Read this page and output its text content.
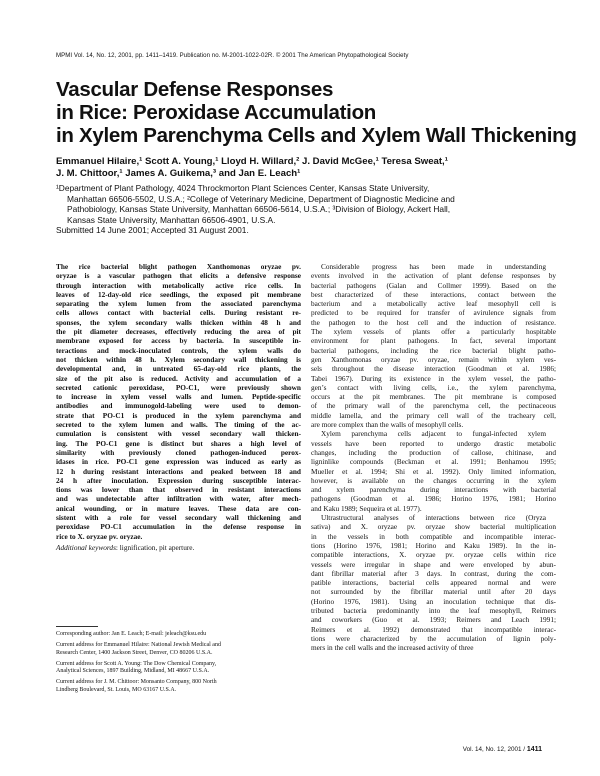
MPMI Vol. 14, No. 12, 2001, pp. 1411–1419. Publication no. M-2001-1022-02R. © 2001 The American Phytopathological Society
Vascular Defense Responses
in Rice: Peroxidase Accumulation
in Xylem Parenchyma Cells and Xylem Wall Thickening
Emmanuel Hilaire,¹ Scott A. Young,¹ Lloyd H. Willard,² J. David McGee,¹ Teresa Sweat,¹
J. M. Chittoor,¹ James A. Guikema,³ and Jan E. Leach¹
¹Department of Plant Pathology, 4024 Throckmorton Plant Sciences Center, Kansas State University,
Manhattan 66506-5502, U.S.A.; ²College of Veterinary Medicine, Department of Diagnostic Medicine and
Pathobiology, Kansas State University, Manhattan 66506-5614, U.S.A.; ³Division of Biology, Ackert Hall,
Kansas State University, Manhattan 66506-4901, U.S.A.
Submitted 14 June 2001; Accepted 31 August 2001.
The rice bacterial blight pathogen Xanthomonas oryzae pv.
oryzae is a vascular pathogen that elicits a defensive response
through interaction with metabolically active rice cells. In
leaves of 12-day-old rice seedlings, the exposed pit membrane
separating the xylem lumen from the associated parenchyma
cells allows contact with bacterial cells. During resistant re-
sponses, the xylem secondary walls thicken within 48 h and
the pit diameter decreases, effectively reducing the area of pit
membrane exposed for access by bacteria. In susceptible in-
teractions and mock-inoculated controls, the xylem walls do
not thicken within 48 h. Xylem secondary wall thickening is
developmental and, in untreated 65-day-old rice plants, the
size of the pit also is reduced. Activity and accumulation of a
secreted cationic peroxidase, PO-C1, were previously shown
to increase in xylem vessel walls and lumen. Peptide-specific
antibodies and immunogold-labeling were used to demon-
strate that PO-C1 is produced in the xylem parenchyma and
secreted to the xylem lumen and walls. The timing of the ac-
cumulation is consistent with vessel secondary wall thicken-
ing. The PO-C1 gene is distinct but shares a high level of
similarity with previously cloned pathogen-induced perox-
idases in rice. PO-C1 gene expression was induced as early as
12 h during resistant interactions and peaked between 18 and
24 h after inoculation. Expression during susceptible interac-
tions was lower than that observed in resistant interactions
and was undetectable after infiltration with water, after mech-
anical wounding, or in mature leaves. These data are con-
sistent with a role for vessel secondary wall thickening and
peroxidase PO-C1 accumulation in the defense response in
rice to X. oryzae pv. oryzae.
Additional keywords: lignification, pit aperture.

Corresponding author: Jan E. Leach; E-mail: jeleach@ksu.edu

Current address for Emmanuel Hilaire: National Jewish Medical and
Research Center, 1400 Jackson Street, Denver, CO 80206 U.S.A.

Current address for Scott A. Young: The Dow Chemical Company,
Analytical Sciences, 1897 Building, Midland, MI 48667 U.S.A.

Current address for J. M. Chittoor: Monsanto Company, 800 North
Lindberg Boulevard, St. Louis, MO 63167 U.S.A.

Considerable progress has been made in understanding
events involved in the activation of plant defense responses by
bacterial pathogens (Galan and Collmer 1999). Based on the
best characterized of these interactions, contact between the
bacterium and a metabolically active leaf mesophyll cell is
predicted to be required for transfer of avirulence signals from
the pathogen to the host cell and the induction of resistance.
The xylem vessels of plants offer a particularly hospitable
environment for plant pathogens. In fact, several important
bacterial pathogens, including the rice bacterial blight patho-
gen Xanthomonas oryzae pv. oryzae, remain within xylem ves-
sels throughout the disease interaction (Goodman et al. 1986;
Tabei 1967). During its existence in the xylem vessel, the patho-
gen’s contact with living cells, i.e., the xylem parenchyma,
occurs at the pit membranes. The pit membrane is composed
of the primary wall of the parenchyma cell, the pectinaceous
middle lamella, and the primary cell wall of the tracheary cell,
are more complex than the walls of mesophyll cells.
Xylem parenchyma cells adjacent to fungal-infected xylem
vessels have been reported to undergo drastic metabolic
changes, including the production of callose, chitinase, and
ligninlike compounds (Beckman et al. 1991; Benhamou 1995;
Mueller et al. 1994; Shi et al. 1992). Only limited information,
however, is available on the changes occurring in the xylem
and xylem parenchyma during interactions with bacterial
pathogens (Goodman et al. 1986; Horino 1976, 1981; Horino
and Kaku 1989; Sequeira et al. 1977).
Ultrastructural analyses of interactions between rice (Oryza
sativa) and X. oryzae pv. oryzae show bacterial multiplication
in the vessels in both compatible and incompatible interac-
tions (Horino 1976, 1981; Horino and Kaku 1989). In the in-
compatible interactions, X. oryzae pv. oryzae cells within rice
vessels were irregular in shape and were enveloped by abun-
dant fibrillar material after 3 days. In contrast, during the com-
patible interactions, bacterial cells appeared normal and were
not surrounded by the fibrillar material until after 20 days
(Horino 1976, 1981). Using an inoculation technique that dis-
tributed bacteria predominantly into the leaf mesophyll, Reimers
and coworkers (Guo et al. 1993; Reimers and Leach 1991;
Reimers et al. 1992) demonstrated that incompatible interac-
tions were characterized by the accumulation of lignin poly-
mers in the cell walls and the increased activity of three
Vol. 14, No. 12, 2001 / 1411
